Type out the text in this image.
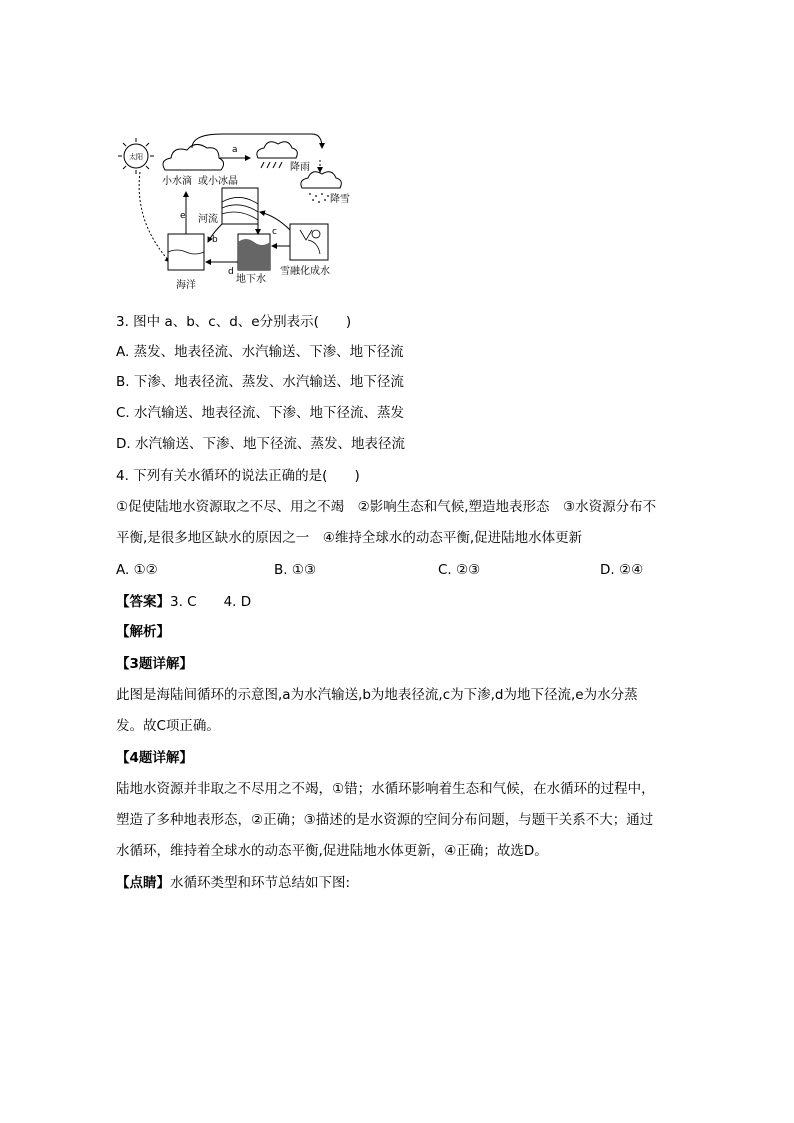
太阳
小水滴 或小冰晶
a
降雨
降雪
河流
e
海洋
b
地下水
c
d	雪融化成水
3. 图中 a、b、c、d、e分别表示(　　)
A. 蒸发、地表径流、水汽输送、下渗、地下径流
B. 下渗、地表径流、蒸发、水汽输送、地下径流
C. 水汽输送、地表径流、下渗、地下径流、蒸发
D. 水汽输送、下渗、地下径流、蒸发、地表径流
4. 下列有关水循环的说法正确的是(　　)
①促使陆地水资源取之不尽、用之不竭　②影响生态和气候,塑造地表形态　③水资源分布不
平衡,是很多地区缺水的原因之一　④维持全球水的动态平衡,促进陆地水体更新
A. ①②	B. ①③	C. ②③	D. ②④
【答案】3. C　　4. D
【解析】
【3题详解】
此图是海陆间循环的示意图,a为水汽输送,b为地表径流,c为下渗,d为地下径流,e为水分蒸
发。故C项正确。
【4题详解】
陆地水资源并非取之不尽用之不竭，①错；水循环影响着生态和气候，在水循环的过程中，
塑造了多种地表形态，②正确；③描述的是水资源的空间分布问题，与题干关系不大；通过
水循环，维持着全球水的动态平衡,促进陆地水体更新，④正确；故选D。
【点睛】水循环类型和环节总结如下图:
